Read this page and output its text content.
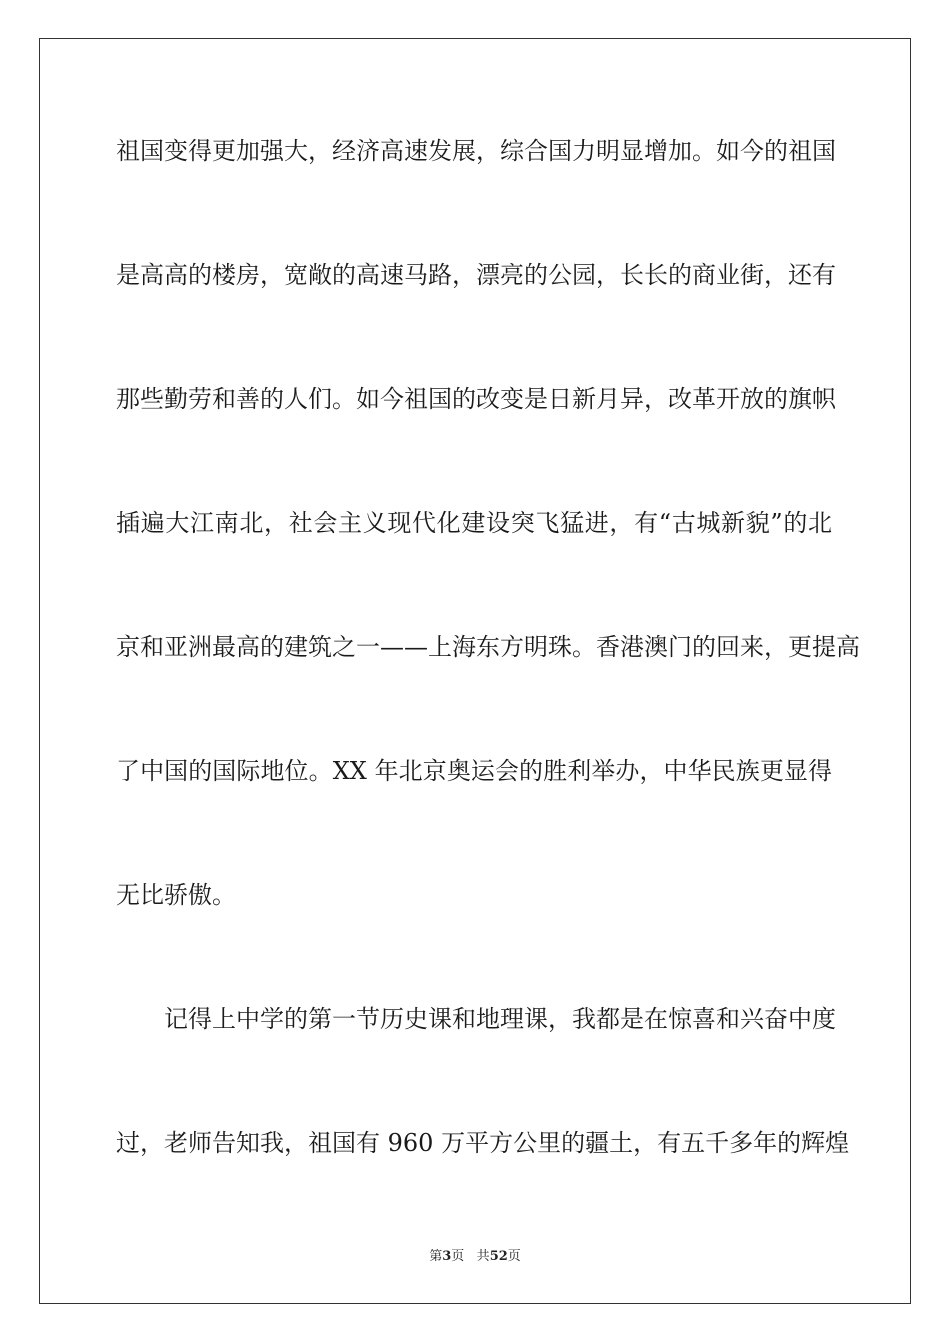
祖国变得更加强大，经济高速发展，综合国力明显增加。如今的祖国
是高高的楼房，宽敞的高速马路，漂亮的公园，长长的商业街，还有
那些勤劳和善的人们。如今祖国的改变是日新月异，改革开放的旗帜
插遍大江南北，社会主义现代化建设突飞猛进，有“古城新貌”的北
京和亚洲最高的建筑之一——上海东方明珠。香港澳门的回来，更提高
了中国的国际地位。XX 年北京奥运会的胜利举办，中华民族更显得
无比骄傲。
记得上中学的第一节历史课和地理课，我都是在惊喜和兴奋中度
过，老师告知我，祖国有 960 万平方公里的疆土，有五千多年的辉煌
第3页 共52页
